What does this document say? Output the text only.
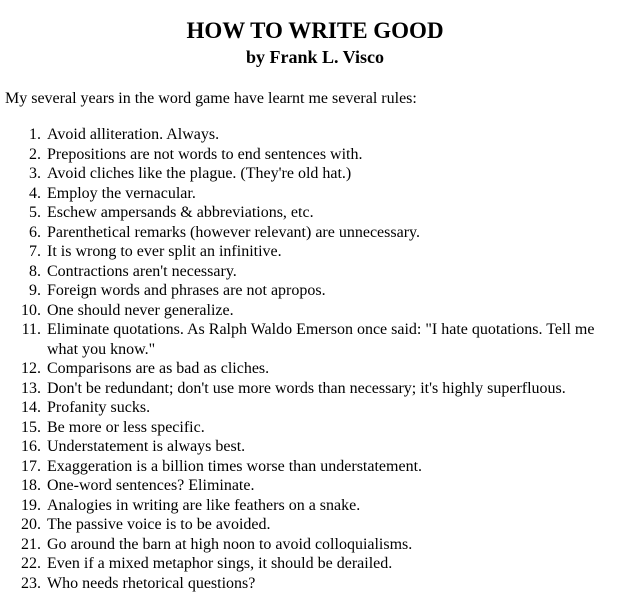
HOW TO WRITE GOOD
by Frank L. Visco

My several years in the word game have learnt me several rules:

1. Avoid alliteration. Always.
2. Prepositions are not words to end sentences with.
3. Avoid cliches like the plague. (They're old hat.)
4. Employ the vernacular.
5. Eschew ampersands & abbreviations, etc.
6. Parenthetical remarks (however relevant) are unnecessary.
7. It is wrong to ever split an infinitive.
8. Contractions aren't necessary.
9. Foreign words and phrases are not apropos.
10. One should never generalize.
11. Eliminate quotations. As Ralph Waldo Emerson once said: "I hate quotations. Tell me what you know."
12. Comparisons are as bad as cliches.
13. Don't be redundant; don't use more words than necessary; it's highly superfluous.
14. Profanity sucks.
15. Be more or less specific.
16. Understatement is always best.
17. Exaggeration is a billion times worse than understatement.
18. One-word sentences? Eliminate.
19. Analogies in writing are like feathers on a snake.
20. The passive voice is to be avoided.
21. Go around the barn at high noon to avoid colloquialisms.
22. Even if a mixed metaphor sings, it should be derailed.
23. Who needs rhetorical questions?
